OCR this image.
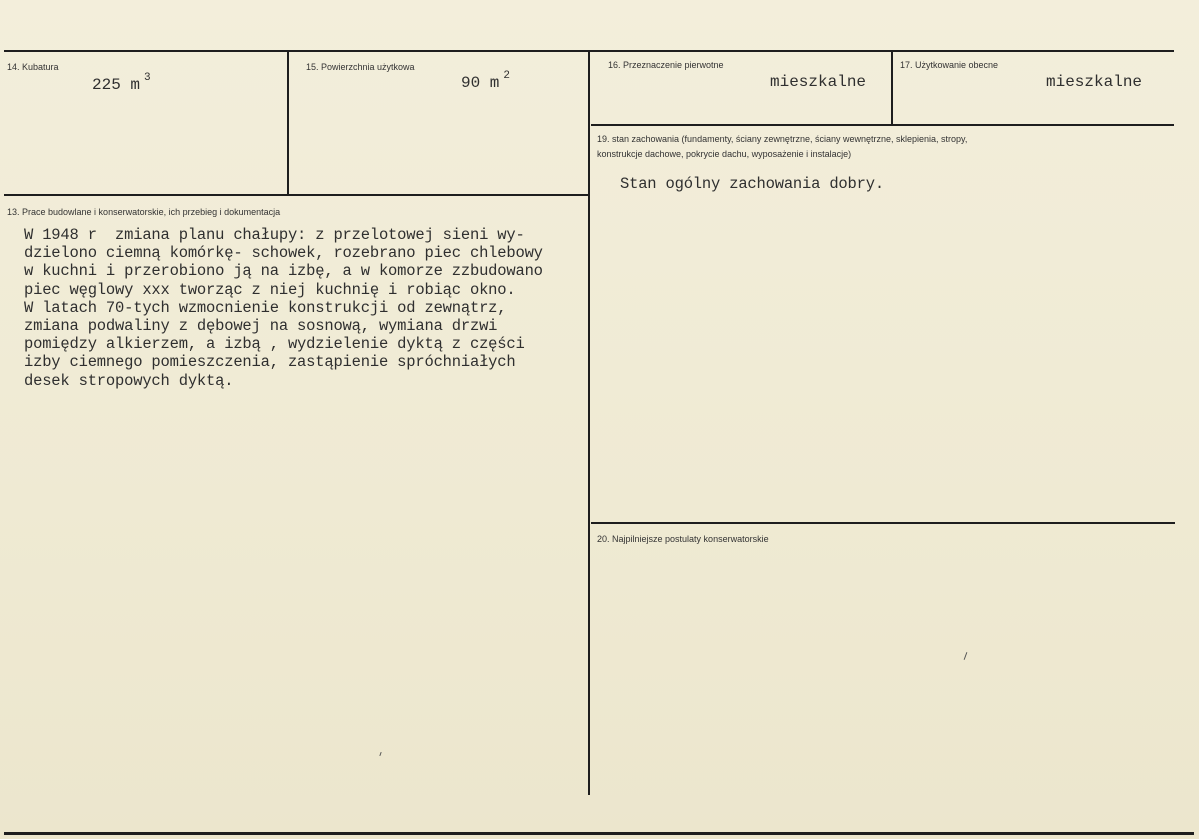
14. Kubatura
225 m $^3$
15. Powierzchnia użytkowa
90 m $^2$
16. Przeznaczenie pierwotne
mieszkalne
17. Użytkowanie obecne
mieszkalne
19. stan zachowania (fundamenty, ściany zewnętrzne, ściany wewnętrzne, sklepienia, stropy,
konstrukcje dachowe, pokrycie dachu, wyposażenie i instalacje)
Stan ogólny zachowania dobry.
13. Prace budowlane i konserwatorskie, ich przebieg i dokumentacja
W 1948 r  zmiana planu chałupy: z przelotowej sieni wy-
dzielono ciemną komórkę- schowek, rozebrano piec chlebowy
w kuchni i przerobiono ją na izbę, a w komorze zzbudowano
piec węglowy xxx tworząc z niej kuchnię i robiąc okno.
W latach 70-tych wzmocnienie konstrukcji od zewnątrz,
zmiana podwaliny z dębowej na sosnową, wymiana drzwi
pomiędzy alkierzem, a izbą , wydzielenie dyktą z części
izby ciemnego pomieszczenia, zastąpienie spróchniałych
desek stropowych dyktą.
20. Najpilniejsze postulaty konserwatorskie
